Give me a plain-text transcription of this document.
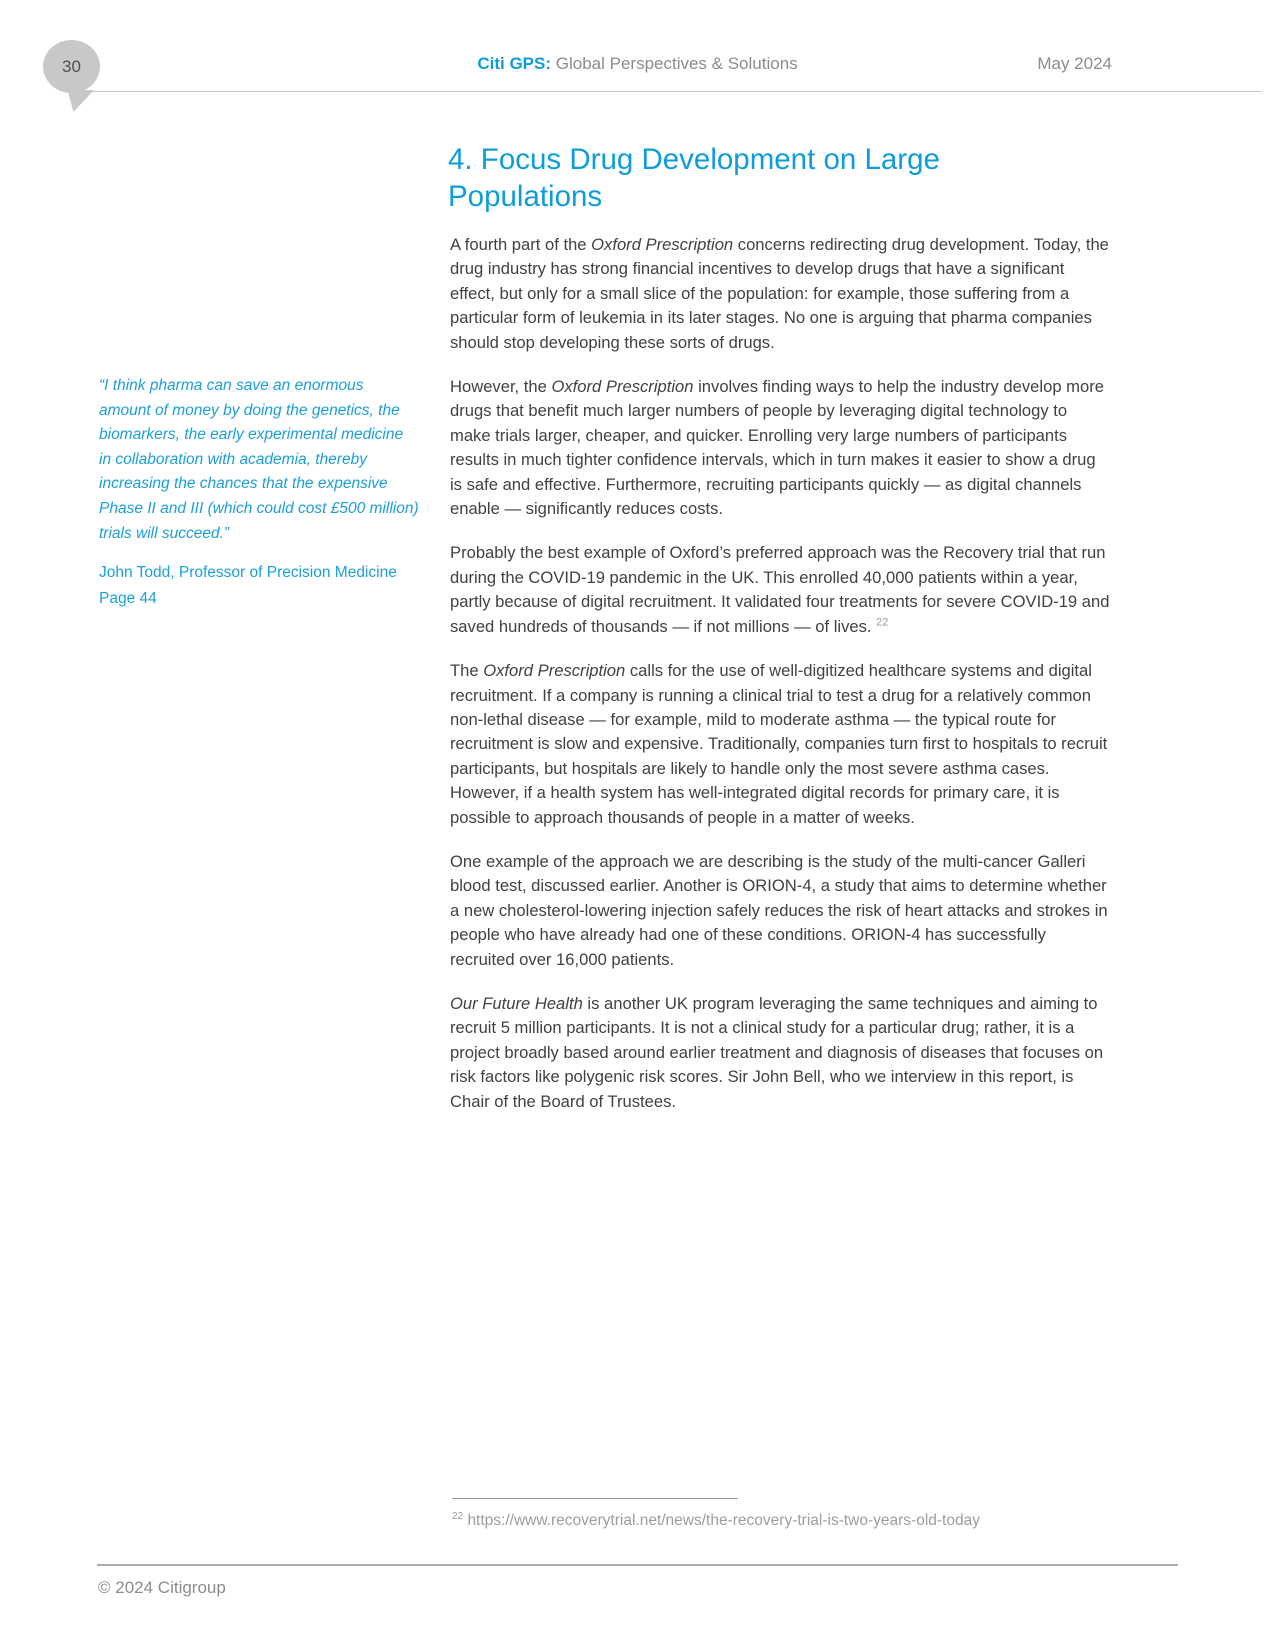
30	Citi GPS: Global Perspectives & Solutions	May 2024
4. Focus Drug Development on Large Populations

A fourth part of the Oxford Prescription concerns redirecting drug development. Today, the drug industry has strong financial incentives to develop drugs that have a significant effect, but only for a small slice of the population: for example, those suffering from a particular form of leukemia in its later stages. No one is arguing that pharma companies should stop developing these sorts of drugs.

However, the Oxford Prescription involves finding ways to help the industry develop more drugs that benefit much larger numbers of people by leveraging digital technology to make trials larger, cheaper, and quicker. Enrolling very large numbers of participants results in much tighter confidence intervals, which in turn makes it easier to show a drug is safe and effective. Furthermore, recruiting participants quickly — as digital channels enable — significantly reduces costs.

Probably the best example of Oxford’s preferred approach was the Recovery trial that run during the COVID-19 pandemic in the UK. This enrolled 40,000 patients within a year, partly because of digital recruitment. It validated four treatments for severe COVID-19 and saved hundreds of thousands — if not millions — of lives. $^{22}$

The Oxford Prescription calls for the use of well-digitized healthcare systems and digital recruitment. If a company is running a clinical trial to test a drug for a relatively common non-lethal disease — for example, mild to moderate asthma — the typical route for recruitment is slow and expensive. Traditionally, companies turn first to hospitals to recruit participants, but hospitals are likely to handle only the most severe asthma cases. However, if a health system has well-integrated digital records for primary care, it is possible to approach thousands of people in a matter of weeks.

One example of the approach we are describing is the study of the multi-cancer Galleri blood test, discussed earlier. Another is ORION-4, a study that aims to determine whether a new cholesterol-lowering injection safely reduces the risk of heart attacks and strokes in people who have already had one of these conditions. ORION-4 has successfully recruited over 16,000 patients.

Our Future Health is another UK program leveraging the same techniques and aiming to recruit 5 million participants. It is not a clinical study for a particular drug; rather, it is a project broadly based around earlier treatment and diagnosis of diseases that focuses on risk factors like polygenic risk scores. Sir John Bell, who we interview in this report, is Chair of the Board of Trustees.

“I think pharma can save an enormous amount of money by doing the genetics, the biomarkers, the early experimental medicine in collaboration with academia, thereby increasing the chances that the expensive Phase II and III (which could cost £500 million) trials will succeed.”
John Todd, Professor of Precision Medicine
Page 44
$^{22}$ https://www.recoverytrial.net/news/the-recovery-trial-is-two-years-old-today
© 2024 Citigroup
